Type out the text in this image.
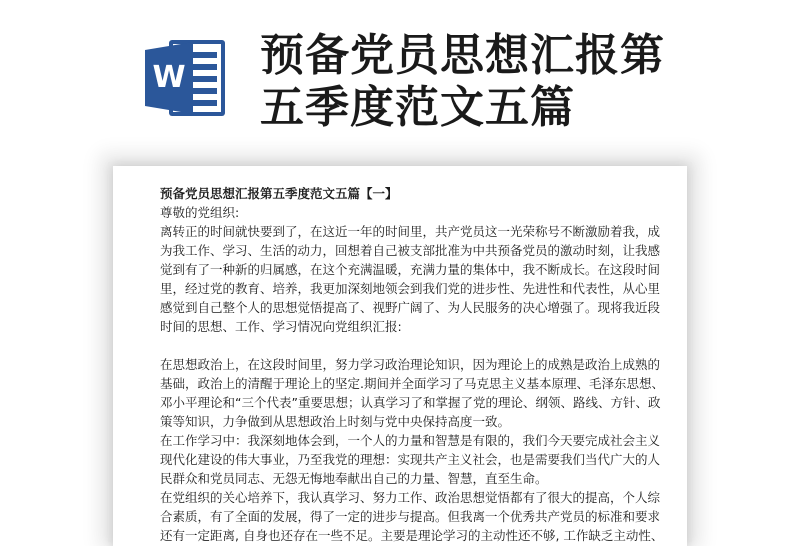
W 预备党员思想汇报第
五季度范文五篇
预备党员思想汇报第五季度范文五篇【一】
尊敬的党组织:
离转正的时间就快要到了，在这近一年的时间里，共产党员这一光荣称号不断激励着我，成
为我工作、学习、生活的动力，回想着自己被支部批准为中共预备党员的激动时刻，让我感
觉到有了一种新的归属感，在这个充满温暖，充满力量的集体中，我不断成长。在这段时间
里，经过党的教育、培养，我更加深刻地领会到我们党的进步性、先进性和代表性，从心里
感觉到自己整个人的思想觉悟提高了、视野广阔了、为人民服务的决心增强了。现将我近段
时间的思想、工作、学习情况向党组织汇报:
在思想政治上，在这段时间里，努力学习政治理论知识，因为理论上的成熟是政治上成熟的
基础，政治上的清醒于理论上的坚定.期间并全面学习了马克思主义基本原理、毛泽东思想、
邓小平理论和“三个代表”重要思想；认真学习了和掌握了党的理论、纲领、路线、方针、政
策等知识，力争做到从思想政治上时刻与党中央保持高度一致。
在工作学习中：我深刻地体会到，一个人的力量和智慧是有限的，我们今天要完成社会主义
现代化建设的伟大事业，乃至我党的理想：实现共产主义社会，也是需要我们当代广大的人
民群众和党员同志、无怨无悔地奉献出自己的力量、智慧，直至生命。
在党组织的关心培养下，我认真学习、努力工作、政治思想觉悟都有了很大的提高，个人综
合素质，有了全面的发展，得了一定的进步与提高。但我离一个优秀共产党员的标准和要求
还有一定距离, 自身也还存在一些不足。主要是理论学习的主动性还不够, 工作缺乏主动性、
